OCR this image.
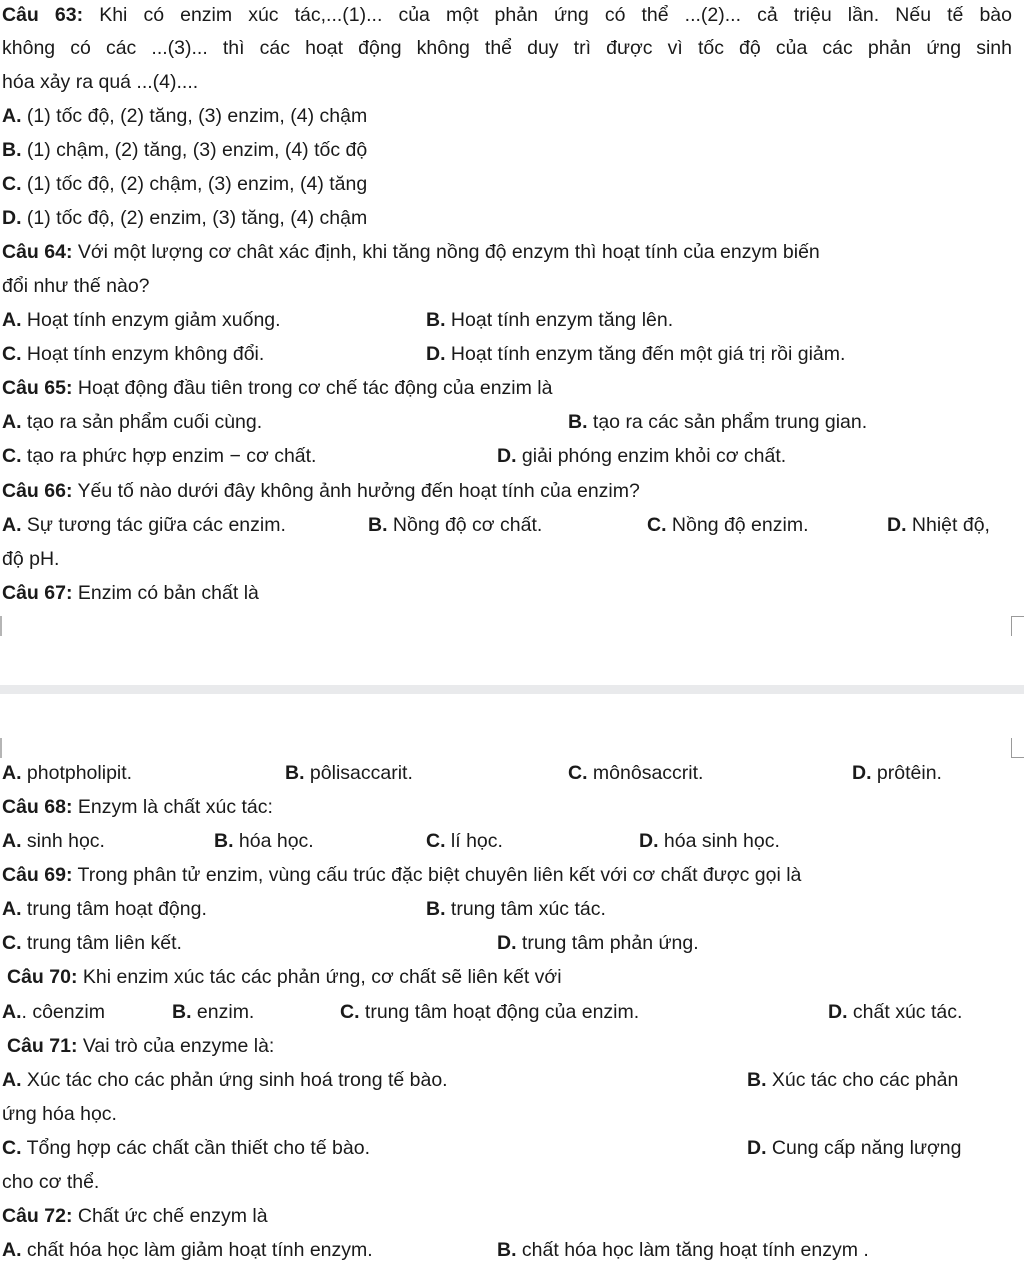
Câu 63: Khi có enzim xúc tác,...(1)... của một phản ứng có thể ...(2)... cả triệu lần. Nếu tế bào
không có các ...(3)... thì các hoạt động không thể duy trì được vì tốc độ của các phản ứng sinh
hóa xảy ra quá ...(4)....
A. (1) tốc độ, (2) tăng, (3) enzim, (4) chậm
B. (1) chậm, (2) tăng, (3) enzim, (4) tốc độ
C. (1) tốc độ, (2) chậm, (3) enzim, (4) tăng
D. (1) tốc độ, (2) enzim, (3) tăng, (4) chậm
Câu 64: Với một lượng cơ chât xác định, khi tăng nồng độ enzym thì hoạt tính của enzym biến
đổi như thế nào?
A. Hoạt tính enzym giảm xuống.	B. Hoạt tính enzym tăng lên.
C. Hoạt tính enzym không đổi.	D. Hoạt tính enzym tăng đến một giá trị rồi giảm.
Câu 65: Hoạt động đầu tiên trong cơ chế tác động của enzim là
A. tạo ra sản phẩm cuối cùng.	B. tạo ra các sản phẩm trung gian.
C. tạo ra phức hợp enzim − cơ chất.	D. giải phóng enzim khỏi cơ chất.
Câu 66: Yếu tố nào dưới đây không ảnh hưởng đến hoạt tính của enzim?
A. Sự tương tác giữa các enzim.	B. Nồng độ cơ chất.	C. Nồng độ enzim.	D. Nhiệt độ,
độ pH.
Câu 67: Enzim có bản chất là
A. photpholipit.	B. pôlisaccarit.	C. mônôsaccrit.	D. prôtêin.
Câu 68: Enzym là chất xúc tác:
A. sinh học.	B. hóa học.	C. lí học.	D. hóa sinh học.
Câu 69: Trong phân tử enzim, vùng cấu trúc đặc biệt chuyên liên kết với cơ chất được gọi là
A. trung tâm hoạt động.	B. trung tâm xúc tác.
C. trung tâm liên kết.	D. trung tâm phản ứng.
Câu 70: Khi enzim xúc tác các phản ứng, cơ chất sẽ liên kết với
A.. côenzim	B. enzim.	C. trung tâm hoạt động của enzim.	D. chất xúc tác.
Câu 71: Vai trò của enzyme là:
A. Xúc tác cho các phản ứng sinh hoá trong tế bào.	B. Xúc tác cho các phản
ứng hóa học.
C. Tổng hợp các chất cần thiết cho tế bào.	D. Cung cấp năng lượng
cho cơ thể.
Câu 72: Chất ức chế enzym là
A. chất hóa học làm giảm hoạt tính enzym.	B. chất hóa học làm tăng hoạt tính enzym .
